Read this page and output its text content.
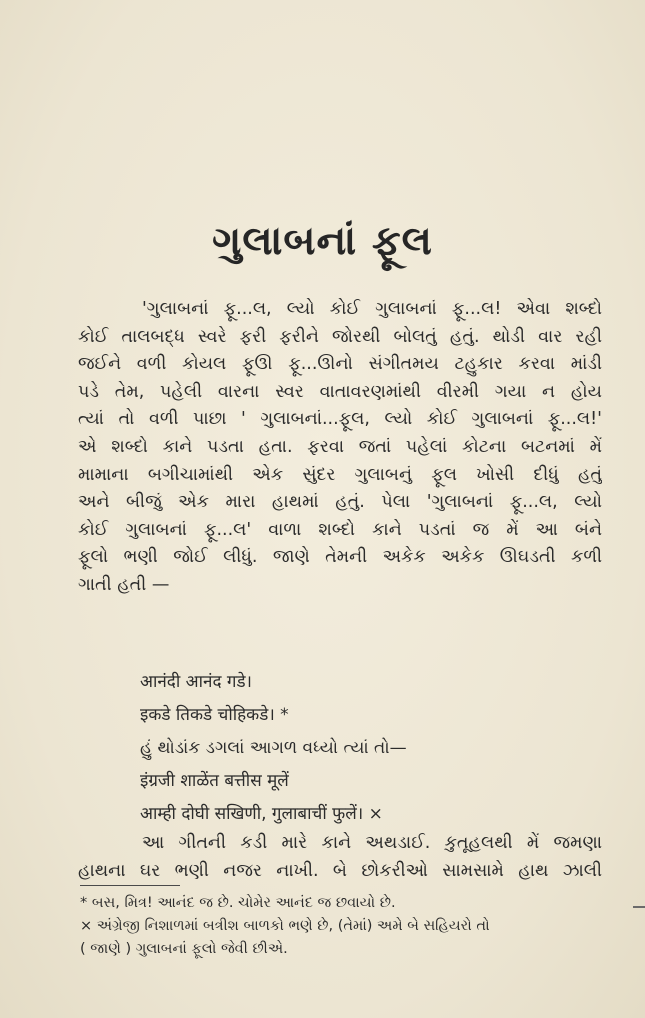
ગુલાબનાં ફૂલ
'ગુલાબનાં ફૂ...લ, લ્યો કોઈ ગુલાબનાં ફૂ...લ! એવા શબ્દો
કોઈ તાલબદ્ધ સ્વરે ફરી ફરીને જોરથી બોલતું હતું. થોડી વાર રહી
જઈને વળી કોયલ ફૂઊ ફૂ...ઊનો સંગીતમય ટહુકાર કરવા માંડી
પડે તેમ, પહેલી વારના સ્વર વાતાવરણમાંથી વીરમી ગયા ન હોય
ત્યાં તો વળી પાછા ' ગુલાબનાં...ફૂલ, લ્યો કોઈ ગુલાબનાં ફૂ...લ!'
એ શબ્દો કાને પડતા હતા. ફરવા જતાં પહેલાં કોટના બટનમાં મેં
મામાના બગીચામાંથી એક સુંદર ગુલાબનું ફૂલ ખોસી દીધું હતું
અને બીજું એક મારા હાથમાં હતું. પેલા 'ગુલાબનાં ફૂ...લ, લ્યો
કોઈ ગુલાબનાં ફૂ...લ' વાળા શબ્દો કાને પડતાં જ મેં આ બંને
ફૂલો ભણી જોઈ લીધું. જાણે તેમની અકેક અકેક ઊઘડતી કળી
ગાતી હતી —
आनंदी आनंद गडे।
इकडे तिकडे चोहिकडे। *
હું થોડાંક ડગલાં આગળ વધ્યો ત્યાં તો—
इंग्रजी शाळेंत बत्तीस मूलें
आम्ही दोघी सखिणी, गुलाबाचीं फुलें। ×
આ ગીતની કડી મારે કાને અથડાઈ. કુતૂહલથી મેં જમણા
હાથના ઘર ભણી નજર નાખી. બે છોકરીઓ સામસામે હાથ ઝાલી
* બસ, મિત્ર! આનંદ જ છે. ચોમેર આનંદ જ છવાયો છે.
× અંગ્રેજી નિશાળમાં બત્રીશ બાળકો ભણે છે, (તેમાં) અમે બે સહિયરો તો
( જાણે ) ગુલાબનાં ફૂલો જેવી છીએ.
